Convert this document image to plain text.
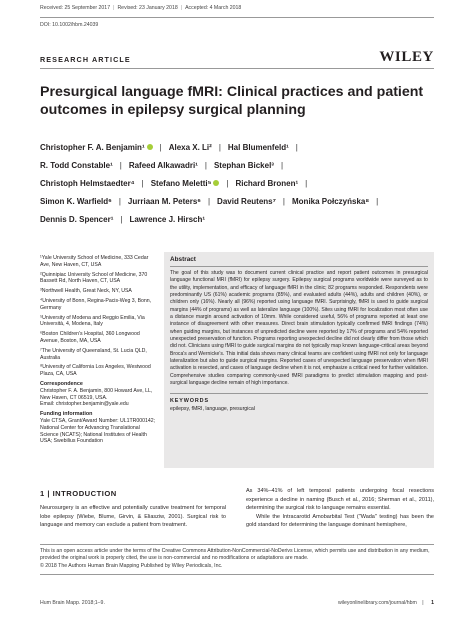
Received: 25 September 2017 | Revised: 23 January 2018 | Accepted: 4 March 2018
DOI: 10.1002/hbm.24039
RESEARCH ARTICLE	WILEY
Presurgical language fMRI: Clinical practices and patient
outcomes in epilepsy surgical planning
Christopher F. A. Benjamin¹ | Alexa X. Li² | Hal Blumenfeld¹ |
R. Todd Constable¹ | Rafeed Alkawadri¹ | Stephan Bickel³ |
Christoph Helmstaedter⁴ | Stefano Meletti⁵ | Richard Bronen¹ |
Simon K. Warfield⁶ | Jurriaan M. Peters⁶ | David Reutens⁷ | Monika Połczyńska⁸ |
Dennis D. Spencer¹ | Lawrence J. Hirsch¹

¹Yale University School of Medicine, 333 Cedar Ave, New Haven, CT, USA

²Quinnipiac University School of Medicine, 370 Bassett Rd, North Haven, CT, USA

³Northwell Health, Great Neck, NY, USA

⁴University of Bonn, Regina-Pacis-Weg 3, Bonn, Germany

⁵University of Modena and Reggio Emilia, Via Università, 4, Modena, Italy

⁶Boston Children's Hospital, 360 Longwood Avenue, Boston, MA, USA

⁷The University of Queensland, St. Lucia QLD, Australia

⁸University of California Los Angeles, Westwood Plaza, CA, USA

Correspondence

Christopher F. A. Benjamin, 800 Howard Ave, LL, New Haven, CT 06519, USA.

Email: christopher.benjamin@yale.edu

Funding information

Yale CTSA, Grant/Award Number: UL1TR000142; National Center for Advancing Translational Science (NCATS); National Institutes of Health USA; Swebilius Foundation

Abstract
The goal of this study was to document current clinical practice and report patient outcomes in presurgical language functional MRI (fMRI) for epilepsy surgery. Epilepsy surgical programs worldwide were surveyed as to the utility, implementation, and efficacy of language fMRI in the clinic; 82 programs responded. Respondents were predominantly US (61%) academic programs (85%), and evaluated adults (44%), adults and children (40%), or children only (16%). Nearly all (96%) reported using language fMRI. Surprisingly, fMRI is used to guide surgical margins (44% of programs) as well as lateralize language (100%). Sites using fMRI for localization most often use a distance margin around activation of 10mm. While considered useful, 56% of programs reported at least one instance of disagreement with other measures. Direct brain stimulation typically confirmed fMRI findings (74%) when guiding margins, but instances of unpredicted decline were reported by 17% of programs and 54% reported unexpected preservation of function. Programs reporting unexpected decline did not clearly differ from those which did not. Clinicians using fMRI to guide surgical margins do not typically map known language-critical areas beyond Broca's and Wernicke's. This initial data shows many clinical teams are confident using fMRI not only for language lateralization but also to guide surgical margins. Reported cases of unexpected language preservation when fMRI activation is resected, and cases of language decline when it is not, emphasize a critical need for further validation. Comprehensive studies comparing commonly-used fMRI paradigms to predict stimulation mapping and post-surgical language decline remain of high importance.
KEYWORDS
epilepsy, fMRI, language, presurgical
1 | INTRODUCTION
Neurosurgery is an effective and potentially curative treatment for temporal lobe epilepsy (Wiebe, Blume, Girvin, & Eliasziw, 2001). Surgical risk to language and memory can exclude a patient from treatment.
As 34%–41% of left temporal patients undergoing focal resections experience a decline in naming (Busch et al., 2016; Sherman et al., 2011), determining the surgical risk to language remains essential.
While the Intracarotid Amobarbital Test ("Wada" testing) has been the gold standard for determining the language dominant hemisphere,
This is an open access article under the terms of the Creative Commons Attribution-NonCommercial-NoDerivs License, which permits use and distribution in any medium, provided the original work is properly cited, the use is non-commercial and no modifications or adaptations are made.
© 2018 The Authors Human Brain Mapping Published by Wiley Periodicals, Inc.
Hum Brain Mapp. 2018;1–9.	wileyonlinelibrary.com/journal/hbm | 1
